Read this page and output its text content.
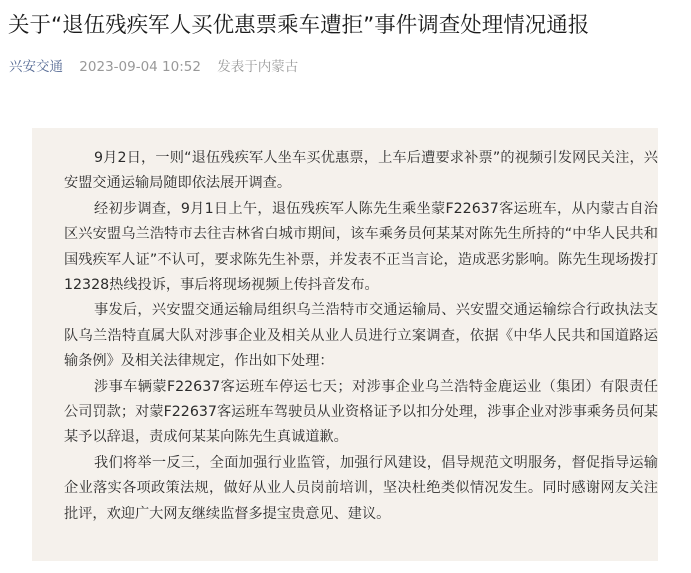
关于“退伍残疾军人买优惠票乘车遭拒”事件调查处理情况通报
兴安交通 2023-09-04 10:52 发表于内蒙古

9月2日，一则“退伍残疾军人坐车买优惠票，上车后遭要求补票”的视频引发网民关注，兴安盟交通运输局随即依法展开调查。

经初步调查，9月1日上午，退伍残疾军人陈先生乘坐蒙F22637客运班车，从内蒙古自治区兴安盟乌兰浩特市去往吉林省白城市期间，该车乘务员何某某对陈先生所持的“中华人民共和国残疾军人证”不认可，要求陈先生补票，并发表不正当言论，造成恶劣影响。陈先生现场拨打12328热线投诉，事后将现场视频上传抖音发布。

事发后，兴安盟交通运输局组织乌兰浩特市交通运输局、兴安盟交通运输综合行政执法支队乌兰浩特直属大队对涉事企业及相关从业人员进行立案调查，依据《中华人民共和国道路运输条例》及相关法律规定，作出如下处理：

涉事车辆蒙F22637客运班车停运七天；对涉事企业乌兰浩特金鹿运业（集团）有限责任公司罚款；对蒙F22637客运班车驾驶员从业资格证予以扣分处理，涉事企业对涉事乘务员何某某予以辞退，责成何某某向陈先生真诚道歉。

我们将举一反三，全面加强行业监管，加强行风建设，倡导规范文明服务，督促指导运输企业落实各项政策法规，做好从业人员岗前培训，坚决杜绝类似情况发生。同时感谢网友关注批评，欢迎广大网友继续监督多提宝贵意见、建议。
